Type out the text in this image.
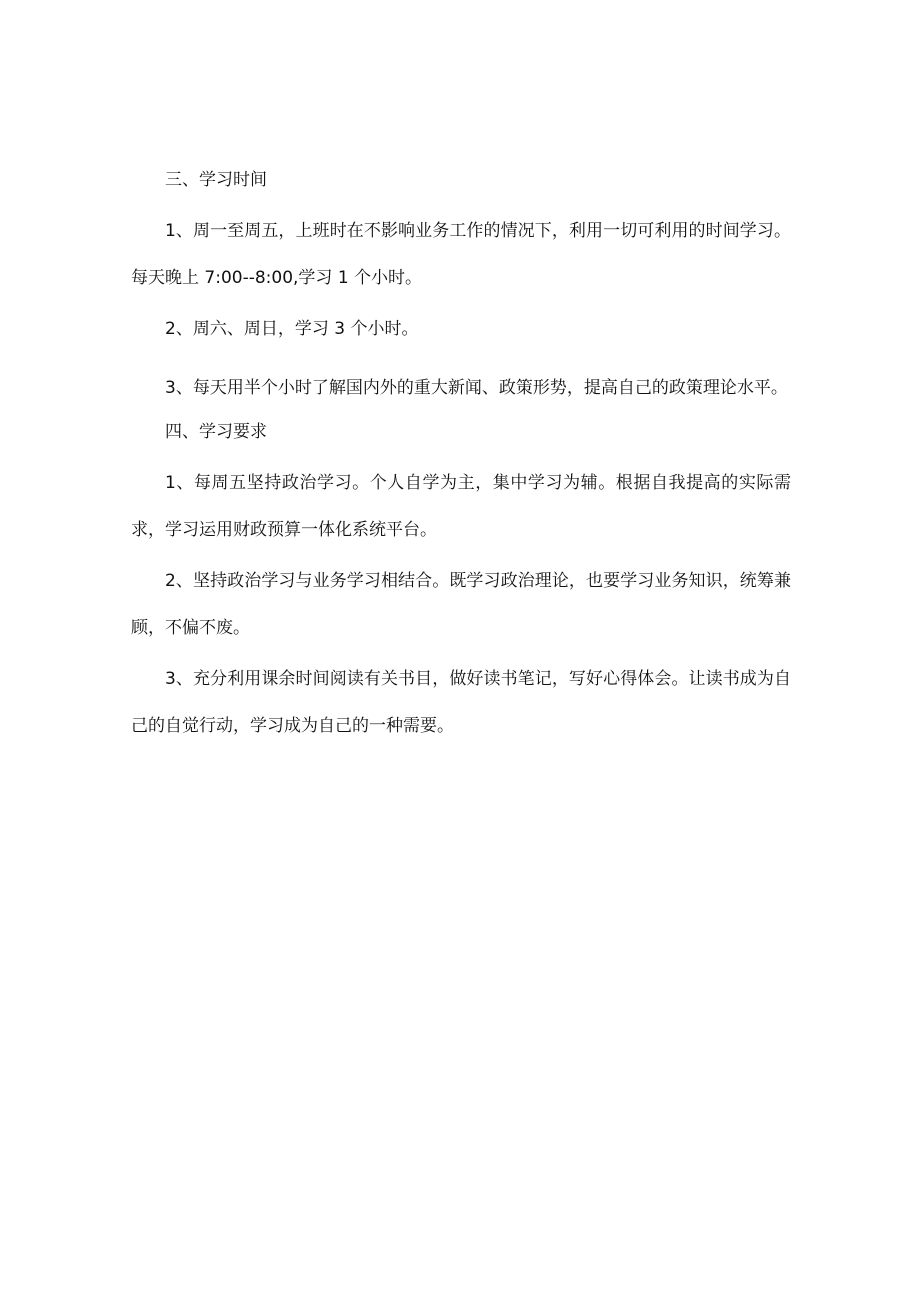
三、学习时间

1、周一至周五，上班时在不影响业务工作的情况下，利用一切可利用的时间学习。每天晚上 7:00--8:00,学习 1 个小时。

2、周六、周日，学习 3 个小时。

3、每天用半个小时了解国内外的重大新闻、政策形势，提高自己的政策理论水平。

四、学习要求

1、每周五坚持政治学习。个人自学为主，集中学习为辅。根据自我提高的实际需求，学习运用财政预算一体化系统平台。

2、坚持政治学习与业务学习相结合。既学习政治理论，也要学习业务知识，统筹兼顾，不偏不废。

3、充分利用课余时间阅读有关书目，做好读书笔记，写好心得体会。让读书成为自己的自觉行动，学习成为自己的一种需要。
